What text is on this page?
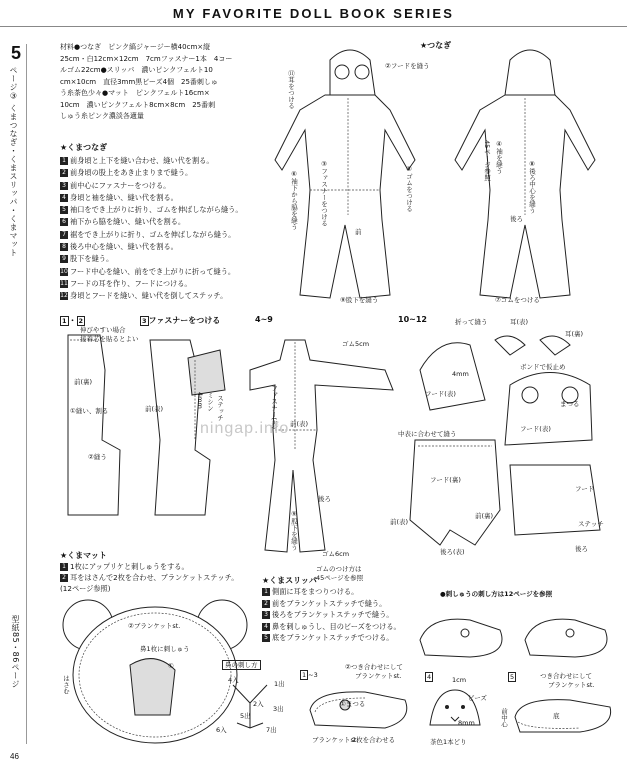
MY FAVORITE DOLL BOOK SERIES
5
ページ③ くまつなぎ・くまスリッパ・くまマット
型紙85・86ページ
材料●つなぎ　ピンク縞ジャージー横40cm×縦
25cm・白12cm×12cm　7cmファスナー1本　4コー
ルゴム22cm●スリッパ　濃いピンクフェルト10
cm×10cm　直径3mm黒ビーズ4個　25番刺しゅ
う糸茶色少々●マット　ピンクフェルト16cm×
10cm　濃いピンクフェルト8cm×8cm　25番刺
しゅう糸ピンク濃淡各適量
★くまつなぎ
1 前身頃と上下を縫い合わせ、縫い代を割る。
2 前身頃の股上をあき止まりまで縫う。
3 前中心にファスナーをつける。
4 身頃と袖を縫い、縫い代を割る。
5 袖口をでき上がりに折り、ゴムを伸ばしながら縫う。
6 袖下から脇を縫い、縫い代を割る。
7 裾をでき上がりに折り、ゴムを伸ばしながら縫う。
8 後ろ中心を縫い、縫い代を割る。
9 股下を縫う。
10 フード中心を縫い、前をでき上がりに折って縫う。
11 フードの耳を作り、フードにつける。
12 身頃とフードを縫い、縫い代を倒してステッチ。
★つなぎ
②フードを縫う
⑪耳をつける
③ファスナーをつける	⑤ゴムをつける
⑥袖下から脇を縫う
前
⑨股下を縫う
④袖を縫う
45ページ参照	⑧後ろ中心を縫う
後ろ
⑦ゴムをつける
1 ・ 2
伸びやすい場合
接着芯を貼るとよい
前(裏)
①縫い、割る
②縫う
3 ファスナーをつける
前(表)
4mm ミシン ステッチ
4~9
ゴム5cm
ファスナー(表) 前(表)
後ろ
⑨股下を縫う
ゴム6cm
ゴムのつけ方は
45ページを参照
10~12	折って縫う	耳(表)
耳(裏)
ボンドで仮止め
4mm
フード(表)
まつる
フード(表)
中表に合わせて縫う
フード(裏)
前(表)
後ろ(表)
前(裏)
ステッチ
フード
後ろ
★くまマット
1 1枚にアップリケと刺しゅうをする。
2 耳をはさんで2枚を合わせ、ブランケットステッチ。
(12ページ参照)
②ブランケットst.
鼻1枚に刺しゅう
①
はさむ
★くまスリッパ
1 側面に耳をまつりつける。
2 前をブランケットステッチで縫う。
3 後ろをブランケットステッチで縫う。
4 鼻を刺しゅうし、目のビーズをつける。
5 底をブランケットステッチでつける。
●刺しゅうの刺し方は12ページを参照
鼻の刺し方
1出
4入
3出
2入
5出
6入	7出
1 ~3
②つき合わせにして
ブランケットst.
①まつる
ブランケットst.
2枚を合わせる
4	1cm
ビーズ
8mm
茶色1本どり
5	つき合わせにして
ブランケットst.
前中心	底
ningap.info
46
